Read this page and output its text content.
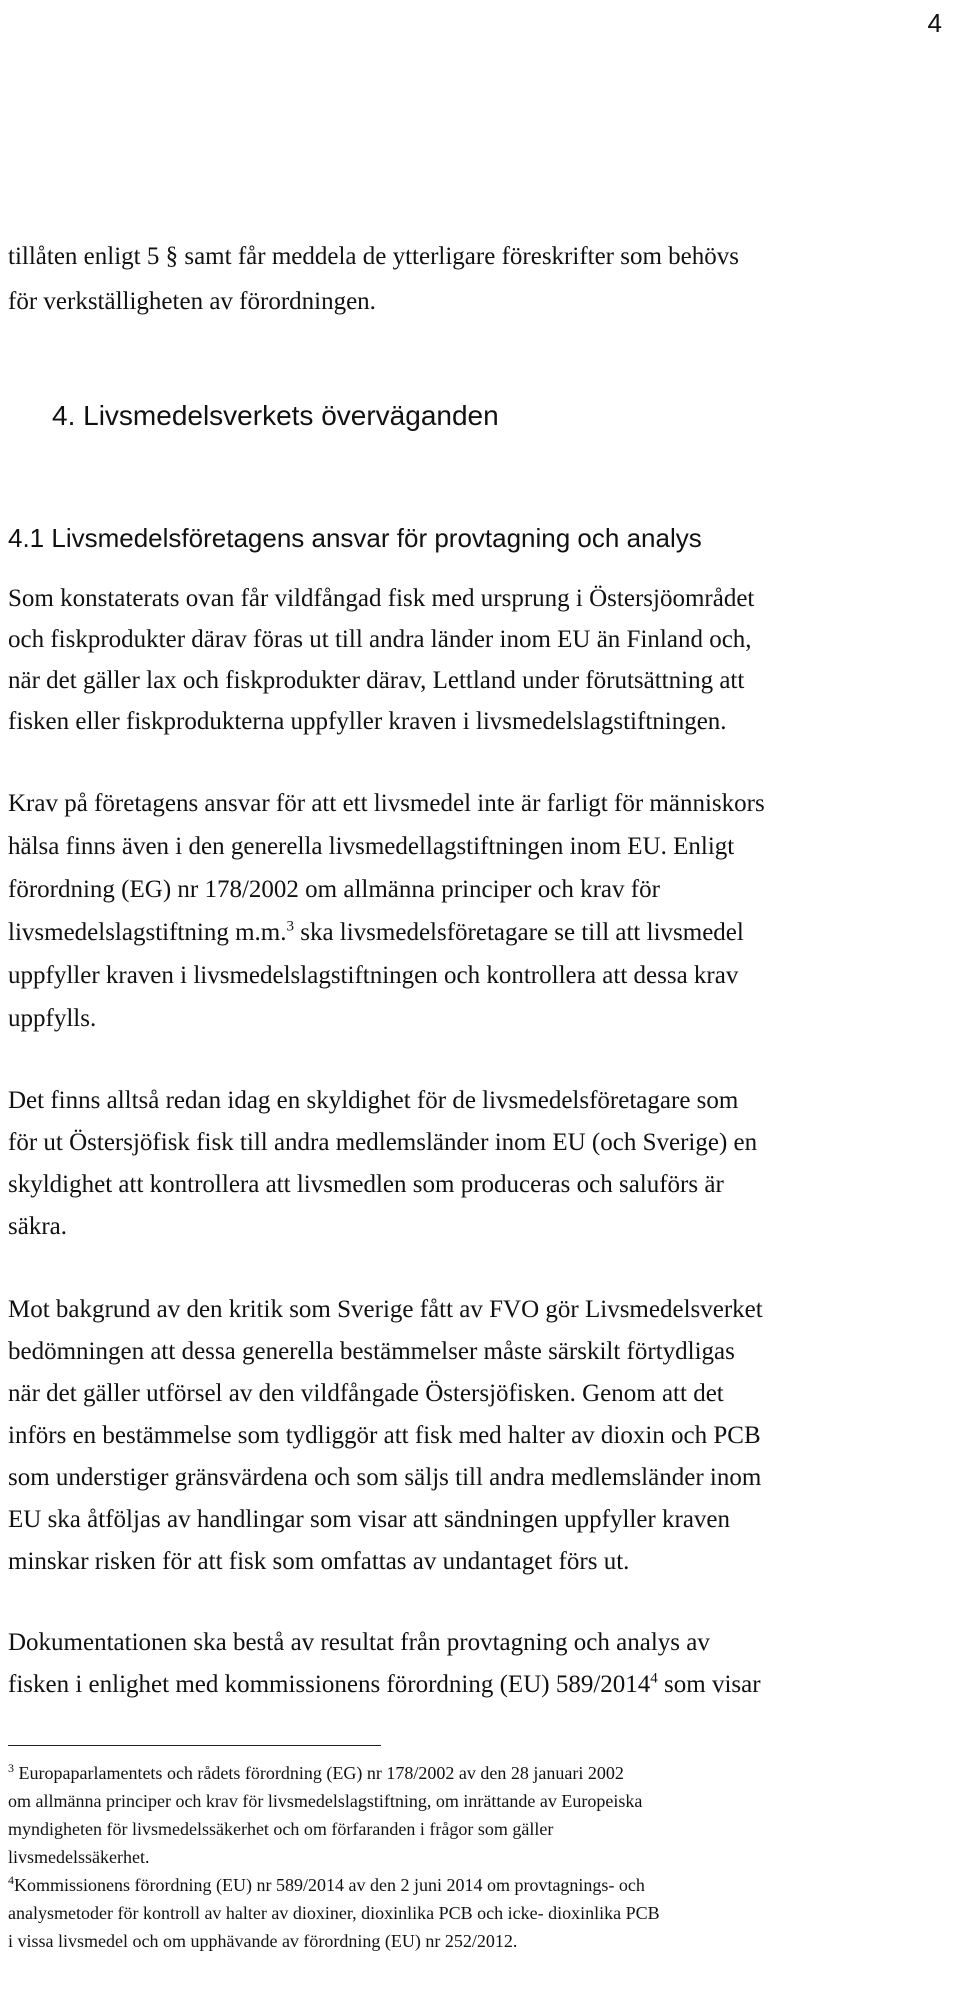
4
tillåten enligt 5 § samt får meddela de ytterligare föreskrifter som behövs
för verkställigheten av förordningen.
4. Livsmedelsverkets överväganden
4.1 Livsmedelsföretagens ansvar för provtagning och analys
Som konstaterats ovan får vildfångad fisk med ursprung i Östersjöområdet
och fiskprodukter därav föras ut till andra länder inom EU än Finland och,
när det gäller lax och fiskprodukter därav, Lettland under förutsättning att
fisken eller fiskprodukterna uppfyller kraven i livsmedelslagstiftningen.
Krav på företagens ansvar för att ett livsmedel inte är farligt för människors
hälsa finns även i den generella livsmedellagstiftningen inom EU. Enligt
förordning (EG) nr 178/2002 om allmänna principer och krav för
livsmedelslagstiftning m.m.$^3$ ska livsmedelsföretagare se till att livsmedel
uppfyller kraven i livsmedelslagstiftningen och kontrollera att dessa krav
uppfylls.
Det finns alltså redan idag en skyldighet för de livsmedelsföretagare som
för ut Östersjöfisk fisk till andra medlemsländer inom EU (och Sverige) en
skyldighet att kontrollera att livsmedlen som produceras och saluförs är
säkra.
Mot bakgrund av den kritik som Sverige fått av FVO gör Livsmedelsverket
bedömningen att dessa generella bestämmelser måste särskilt förtydligas
när det gäller utförsel av den vildfångade Östersjöfisken. Genom att det
införs en bestämmelse som tydliggör att fisk med halter av dioxin och PCB
som understiger gränsvärdena och som säljs till andra medlemsländer inom
EU ska åtföljas av handlingar som visar att sändningen uppfyller kraven
minskar risken för att fisk som omfattas av undantaget förs ut.
Dokumentationen ska bestå av resultat från provtagning och analys av
fisken i enlighet med kommissionens förordning (EU) 589/2014$^4$ som visar
$^3$ Europaparlamentets och rådets förordning (EG) nr 178/2002 av den 28 januari 2002
om allmänna principer och krav för livsmedelslagstiftning, om inrättande av Europeiska
myndigheten för livsmedelssäkerhet och om förfaranden i frågor som gäller
livsmedelssäkerhet.
$^4$Kommissionens förordning (EU) nr 589/2014 av den 2 juni 2014 om provtagnings- och
analysmetoder för kontroll av halter av dioxiner, dioxinlika PCB och icke- dioxinlika PCB
i vissa livsmedel och om upphävande av förordning (EU) nr 252/2012.
